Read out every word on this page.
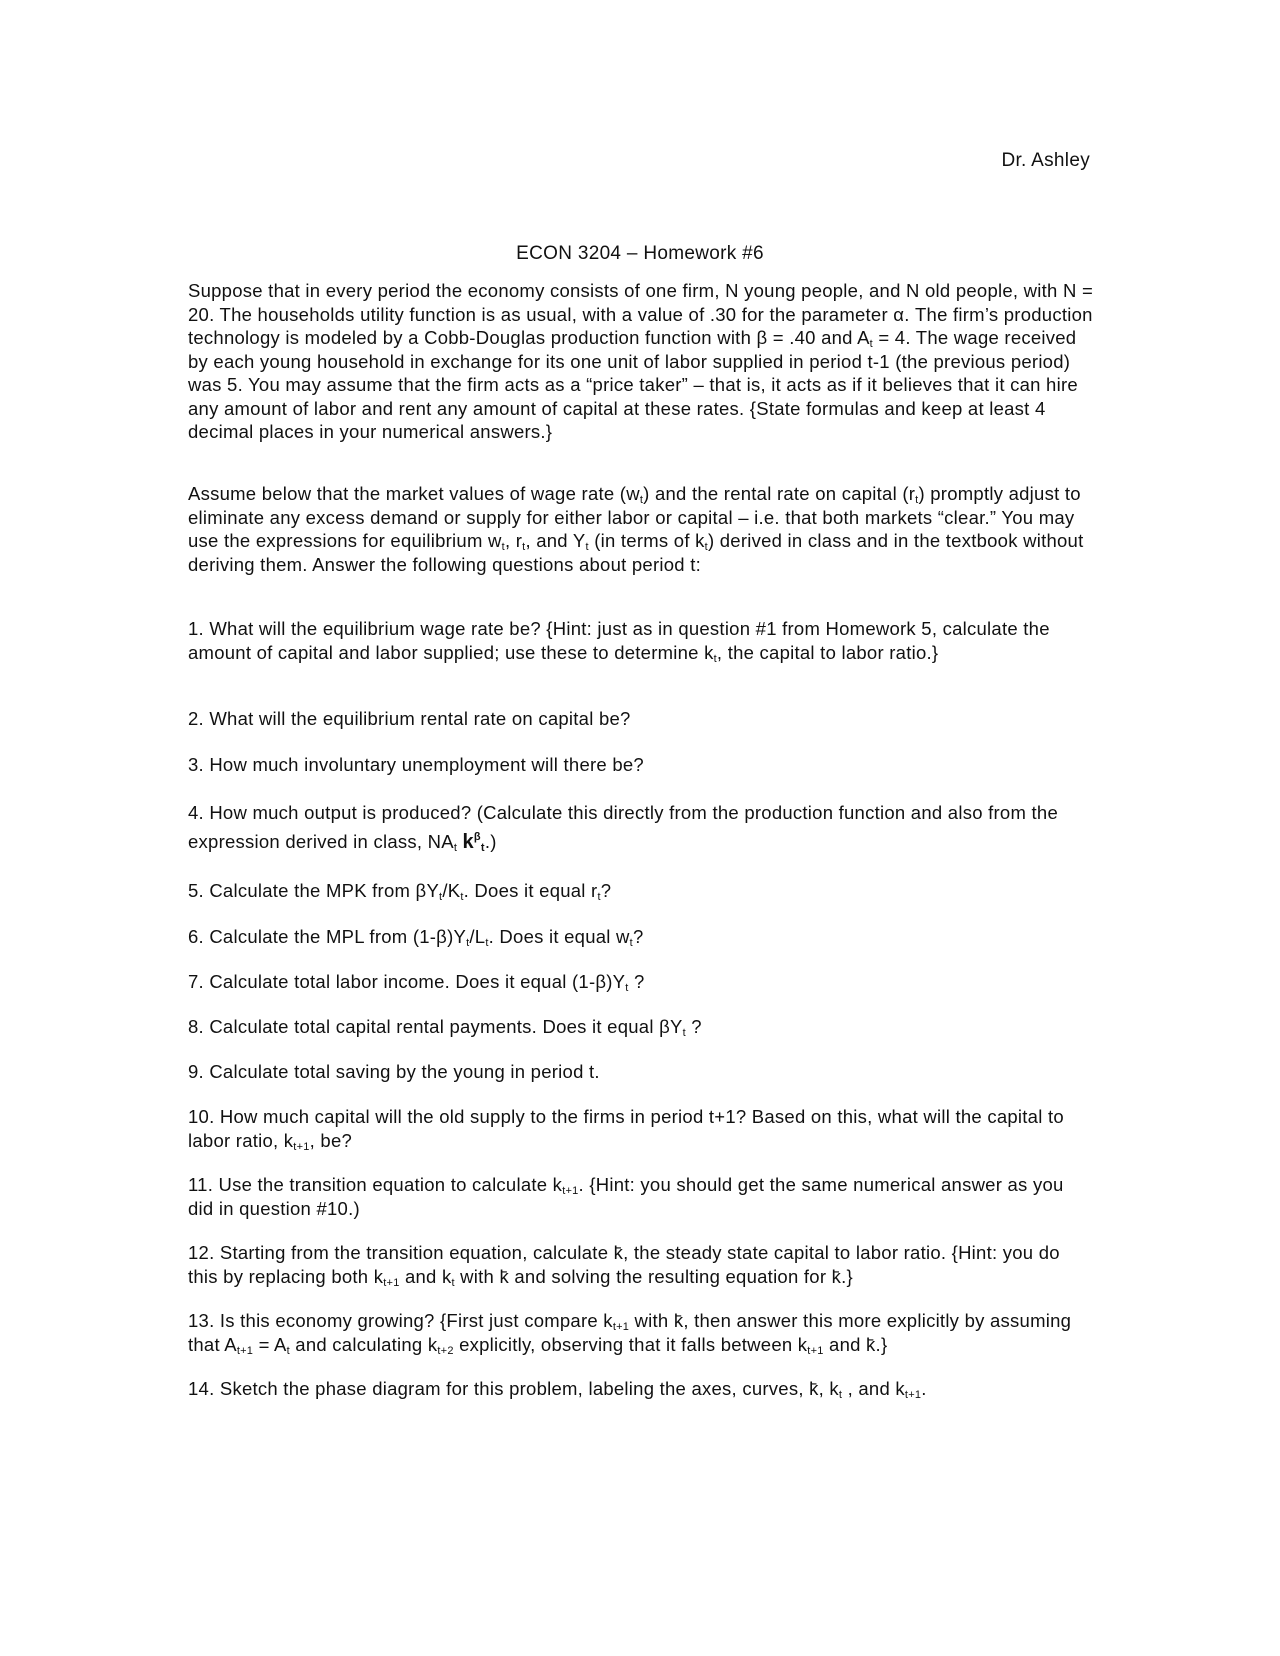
Dr. Ashley
ECON 3204 – Homework #6

Suppose that in every period the economy consists of one firm, N young people, and N old people, with N = 20. The households utility function is as usual, with a value of .30 for the parameter α. The firm’s production technology is modeled by a Cobb-Douglas production function with β = .40 and $A_t = 4$. The wage received by each young household in exchange for its one unit of labor supplied in period t-1 (the previous period) was 5. You may assume that the firm acts as a “price taker” – that is, it acts as if it believes that it can hire any amount of labor and rent any amount of capital at these rates. {State formulas and keep at least 4 decimal places in your numerical answers.}

Assume below that the market values of wage rate $(w_t)$ and the rental rate on capital $(r_t)$ promptly adjust to eliminate any excess demand or supply for either labor or capital – i.e. that both markets “clear.” You may use the expressions for equilibrium $w_t$, $r_t$, and $Y_t$ (in terms of $k_t$) derived in class and in the textbook without deriving them. Answer the following questions about period t:

1. What will the equilibrium wage rate be? {Hint: just as in question #1 from Homework 5, calculate the amount of capital and labor supplied; use these to determine $k_t$, the capital to labor ratio.}

2. What will the equilibrium rental rate on capital be?

3. How much involuntary unemployment will there be?

4. How much output is produced? (Calculate this directly from the production function and also from the expression derived in class, $NA_t$ $k^\beta_t$.)

5. Calculate the MPK from $\beta Y_t/K_t$. Does it equal $r_t$?

6. Calculate the MPL from $(1-\beta)Y_t/L_t$. Does it equal $w_t$?

7. Calculate total labor income. Does it equal $(1-\beta)Y_t$ ?

8. Calculate total capital rental payments. Does it equal $\beta Y_t$ ?

9. Calculate total saving by the young in period t.

10. How much capital will the old supply to the firms in period t+1? Based on this, what will the capital to labor ratio, $k_{t+1}$, be?

11. Use the transition equation to calculate $k_{t+1}$. {Hint: you should get the same numerical answer as you did in question #10.)

12. Starting from the transition equation, calculate k̄, the steady state capital to labor ratio. {Hint: you do this by replacing both $k_{t+1}$ and $k_t$ with k̄ and solving the resulting equation for k̄.}

13. Is this economy growing? {First just compare $k_{t+1}$ with k̄, then answer this more explicitly by assuming that $A_{t+1} = A_t$ and calculating $k_{t+2}$ explicitly, observing that it falls between $k_{t+1}$ and k̄.}

14. Sketch the phase diagram for this problem, labeling the axes, curves, k̄, $k_t$ , and $k_{t+1}$.
